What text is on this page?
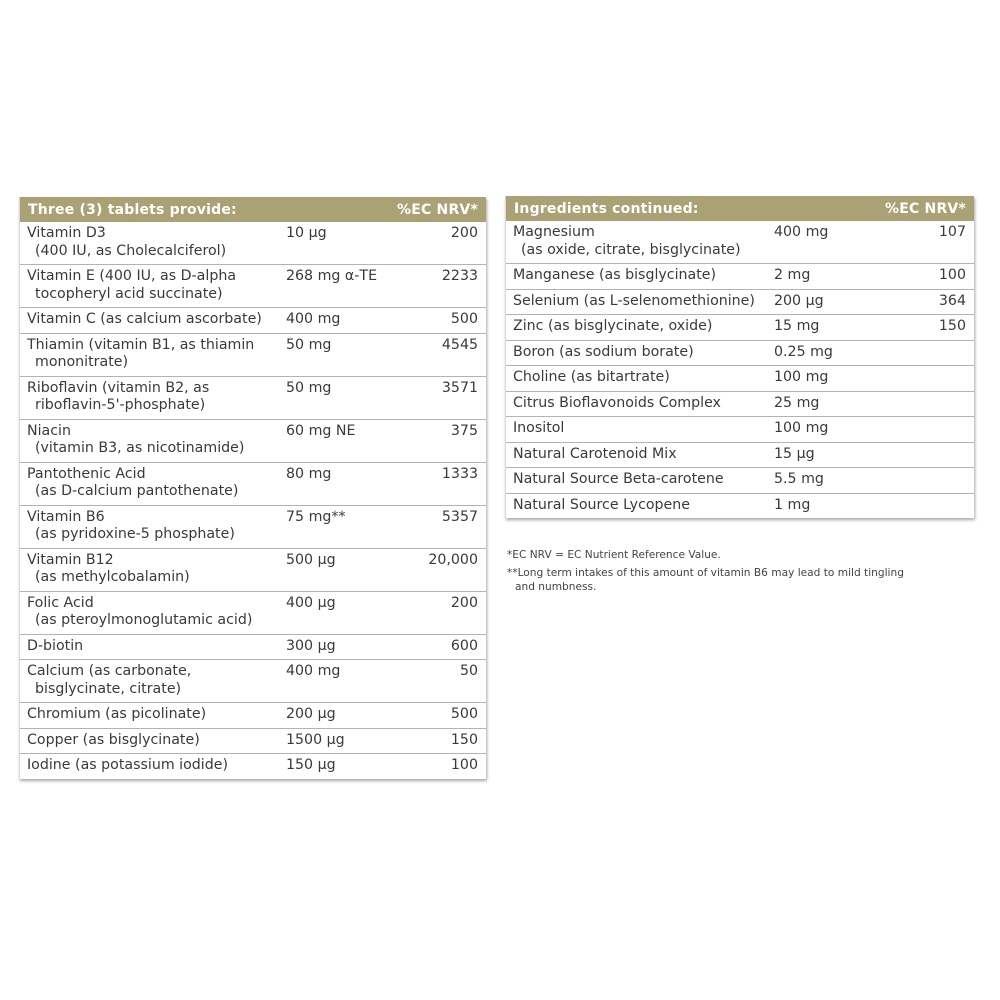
Three (3) tablets provide:	%EC NRV*
Vitamin D3
(400 IU, as Cholecalciferol)	10 µg	200
Vitamin E (400 IU, as D-alpha
tocopheryl acid succinate)	268 mg α-TE	2233
Vitamin C (as calcium ascorbate)	400 mg	500
Thiamin (vitamin B1, as thiamin
mononitrate)	50 mg	4545
Riboflavin (vitamin B2, as
riboflavin-5'-phosphate)	50 mg	3571
Niacin
(vitamin B3, as nicotinamide)	60 mg NE	375
Pantothenic Acid
(as D-calcium pantothenate)	80 mg	1333
Vitamin B6
(as pyridoxine-5 phosphate)	75 mg**	5357
Vitamin B12
(as methylcobalamin)	500 µg	20,000
Folic Acid
(as pteroylmonoglutamic acid)	400 µg	200
D-biotin	300 µg	600
Calcium (as carbonate,
bisglycinate, citrate)	400 mg	50
Chromium (as picolinate)	200 µg	500
Copper (as bisglycinate)	1500 µg	150
Iodine (as potassium iodide)	150 µg	100
Ingredients continued:	%EC NRV*
Magnesium
(as oxide, citrate, bisglycinate)	400 mg	107
Manganese (as bisglycinate)	2 mg	100
Selenium (as L-selenomethionine)	200 µg	364
Zinc (as bisglycinate, oxide)	15 mg	150
Boron (as sodium borate)	0.25 mg	
Choline (as bitartrate)	100 mg	
Citrus Bioflavonoids Complex	25 mg	
Inositol	100 mg	
Natural Carotenoid Mix	15 µg	
Natural Source Beta-carotene	5.5 mg	
Natural Source Lycopene	1 mg	
*EC NRV = EC Nutrient Reference Value.
**Long term intakes of this amount of vitamin B6 may lead to mild tingling
and numbness.
